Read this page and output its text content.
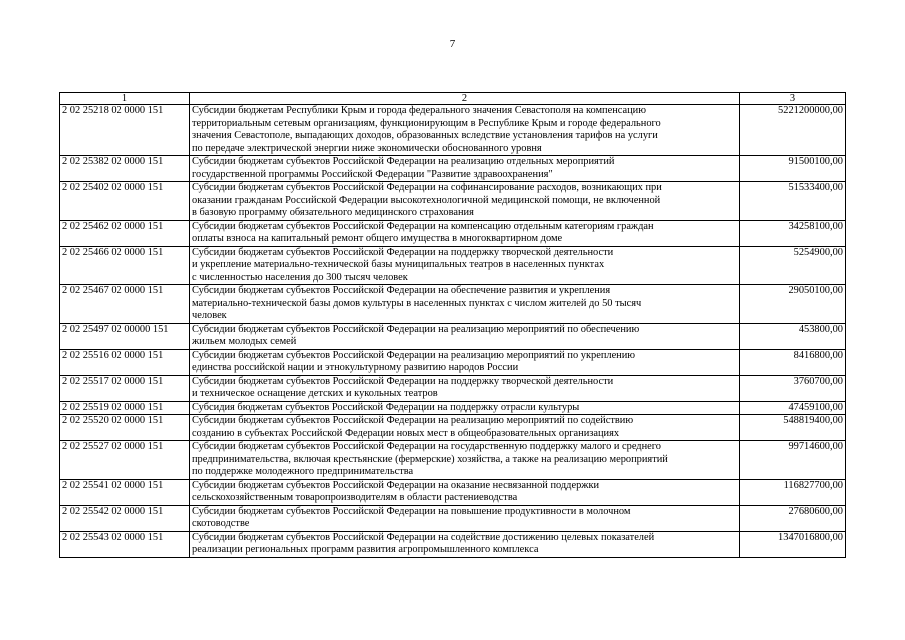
7
1	2	3
2 02 25218 02 0000 151	Субсидии бюджетам Республики Крым и города федерального значения Севастополя на компенсацию
территориальным сетевым организациям, функционирующим в Республике Крым и городе федерального
значения Севастополе, выпадающих доходов, образованных вследствие установления тарифов на услуги
по передаче электрической энергии ниже экономически обоснованного уровня	5221200000,00
2 02 25382 02 0000 151	Субсидии бюджетам субъектов Российской Федерации на реализацию отдельных мероприятий
государственной программы Российской Федерации "Развитие здравоохранения"	91500100,00
2 02 25402 02 0000 151	Субсидии бюджетам субъектов Российской Федерации на софинансирование расходов, возникающих при
оказании гражданам Российской Федерации высокотехнологичной медицинской помощи, не включенной
в базовую программу обязательного медицинского страхования	51533400,00
2 02 25462 02 0000 151	Субсидии бюджетам субъектов Российской Федерации на компенсацию отдельным категориям граждан
оплаты взноса на капитальный ремонт общего имущества в многоквартирном доме	34258100,00
2 02 25466 02 0000 151	Субсидии бюджетам субъектов Российской Федерации на поддержку творческой деятельности
и укрепление материально-технической базы муниципальных театров в населенных пунктах
с численностью населения до 300 тысяч человек	5254900,00
2 02 25467 02 0000 151	Субсидии бюджетам субъектов Российской Федерации на обеспечение развития и укрепления
материально-технической базы домов культуры в населенных пунктах с числом жителей до 50 тысяч
человек	29050100,00
2 02 25497 02 00000 151	Субсидии бюджетам субъектов Российской Федерации на реализацию мероприятий по обеспечению
жильем молодых семей	453800,00
2 02 25516 02 0000 151	Субсидии бюджетам субъектов Российской Федерации на реализацию мероприятий по укреплению
единства российской нации и этнокультурному развитию народов России	8416800,00
2 02 25517 02 0000 151	Субсидии бюджетам субъектов Российской Федерации на поддержку творческой деятельности
и техническое оснащение детских и кукольных театров	3760700,00
2 02 25519 02 0000 151	Субсидия бюджетам субъектов Российской Федерации на поддержку отрасли культуры	47459100,00
2 02 25520 02 0000 151	Субсидии бюджетам субъектов Российской Федерации на реализацию мероприятий по содействию
созданию в субъектах Российской Федерации новых мест в общеобразовательных организациях	548819400,00
2 02 25527 02 0000 151	Субсидии бюджетам субъектов Российской Федерации на государственную поддержку малого и среднего
предпринимательства, включая крестьянские (фермерские) хозяйства, а также на реализацию мероприятий
по поддержке молодежного предпринимательства	99714600,00
2 02 25541 02 0000 151	Субсидии бюджетам субъектов Российской Федерации на оказание несвязанной поддержки
сельскохозяйственным товаропроизводителям в области растениеводства	116827700,00
2 02 25542 02 0000 151	Субсидии бюджетам субъектов Российской Федерации на повышение продуктивности в молочном
скотоводстве	27680600,00
2 02 25543 02 0000 151	Субсидии бюджетам субъектов Российской Федерации на содействие достижению целевых показателей
реализации региональных программ развития агропромышленного комплекса	1347016800,00
